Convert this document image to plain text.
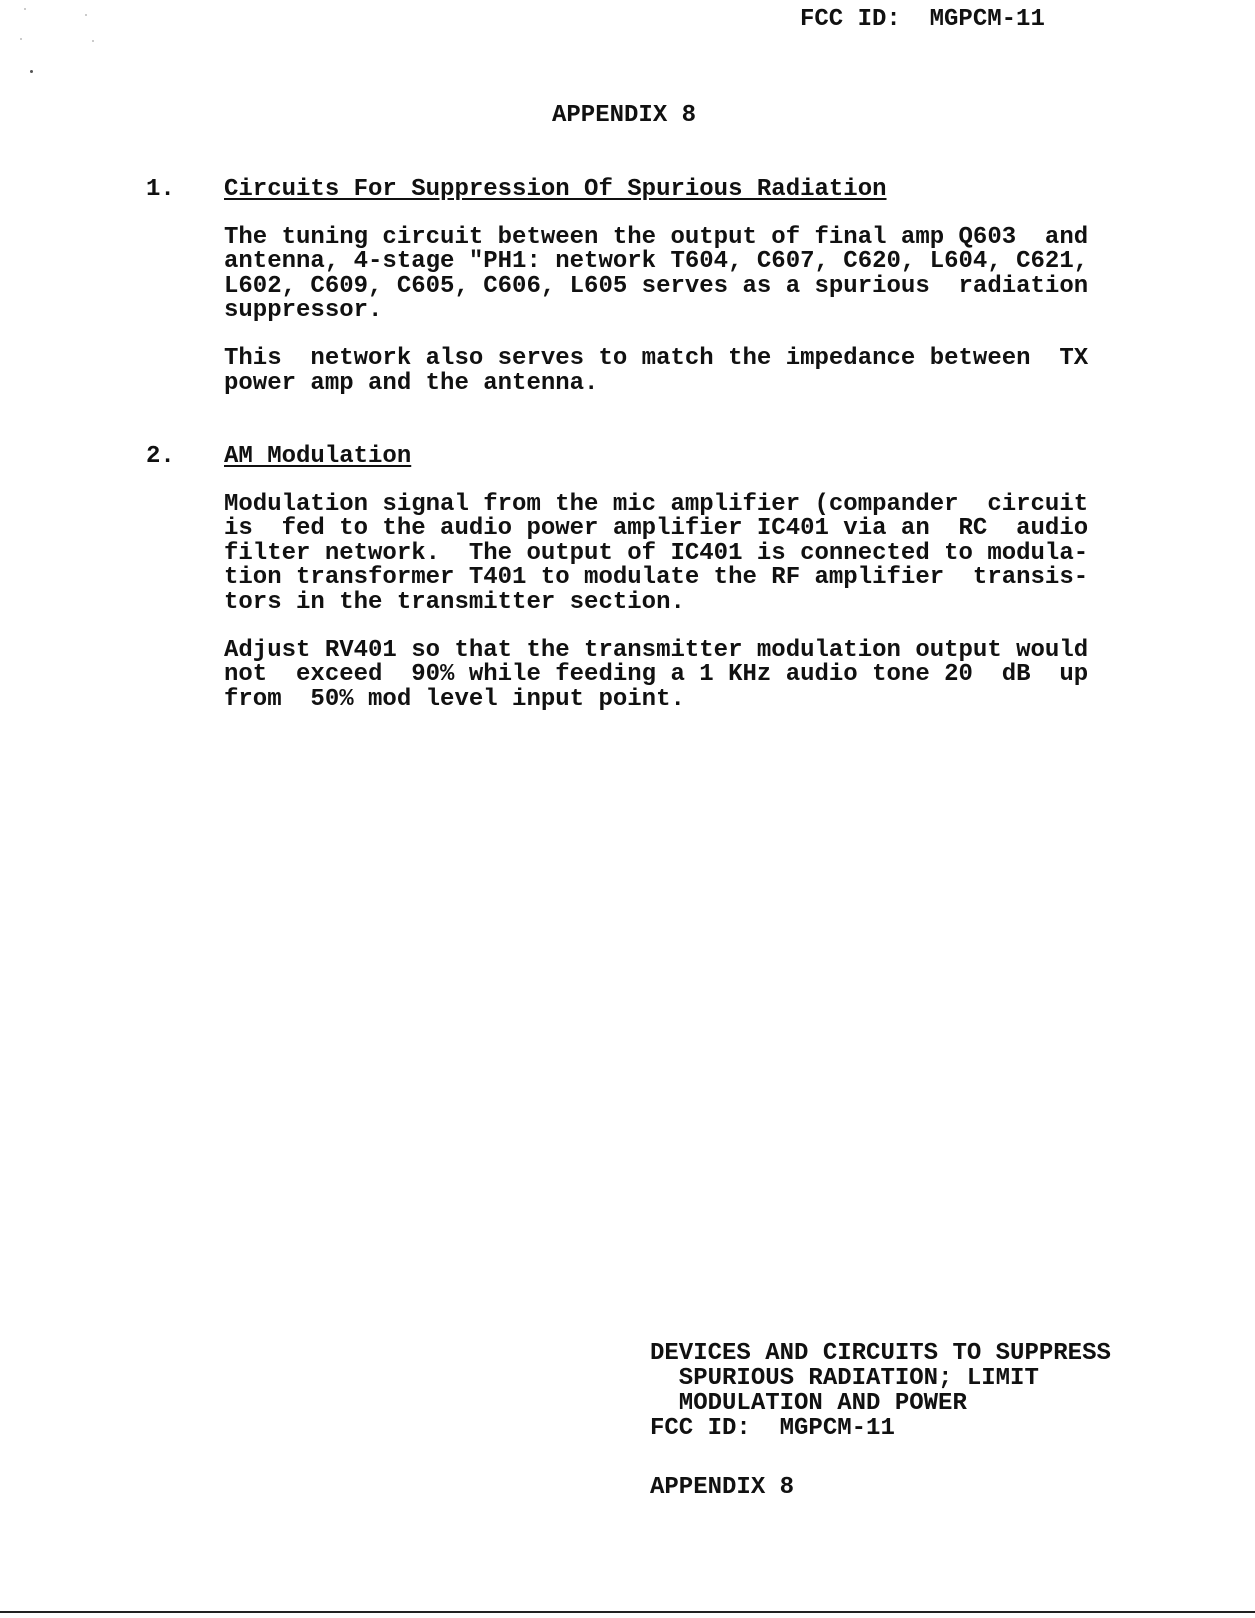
FCC ID:  MGPCM-11
APPENDIX 8
1. Circuits For Suppression Of Spurious Radiation
The tuning circuit between the output of final amp Q603  and
antenna, 4-stage "PH1: network T604, C607, C620, L604, C621,
L602, C609, C605, C606, L605 serves as a spurious  radiation
suppressor.
This  network also serves to match the impedance between  TX
power amp and the antenna.
2. AM Modulation
Modulation signal from the mic amplifier (compander  circuit
is  fed to the audio power amplifier IC401 via an  RC  audio
filter network.  The output of IC401 is connected to modula-
tion transformer T401 to modulate the RF amplifier  transis-
tors in the transmitter section.
Adjust RV401 so that the transmitter modulation output would
not  exceed  90% while feeding a 1 KHz audio tone 20  dB  up
from  50% mod level input point.
DEVICES AND CIRCUITS TO SUPPRESS
SPURIOUS RADIATION; LIMIT
MODULATION AND POWER
FCC ID:  MGPCM-11
APPENDIX 8
